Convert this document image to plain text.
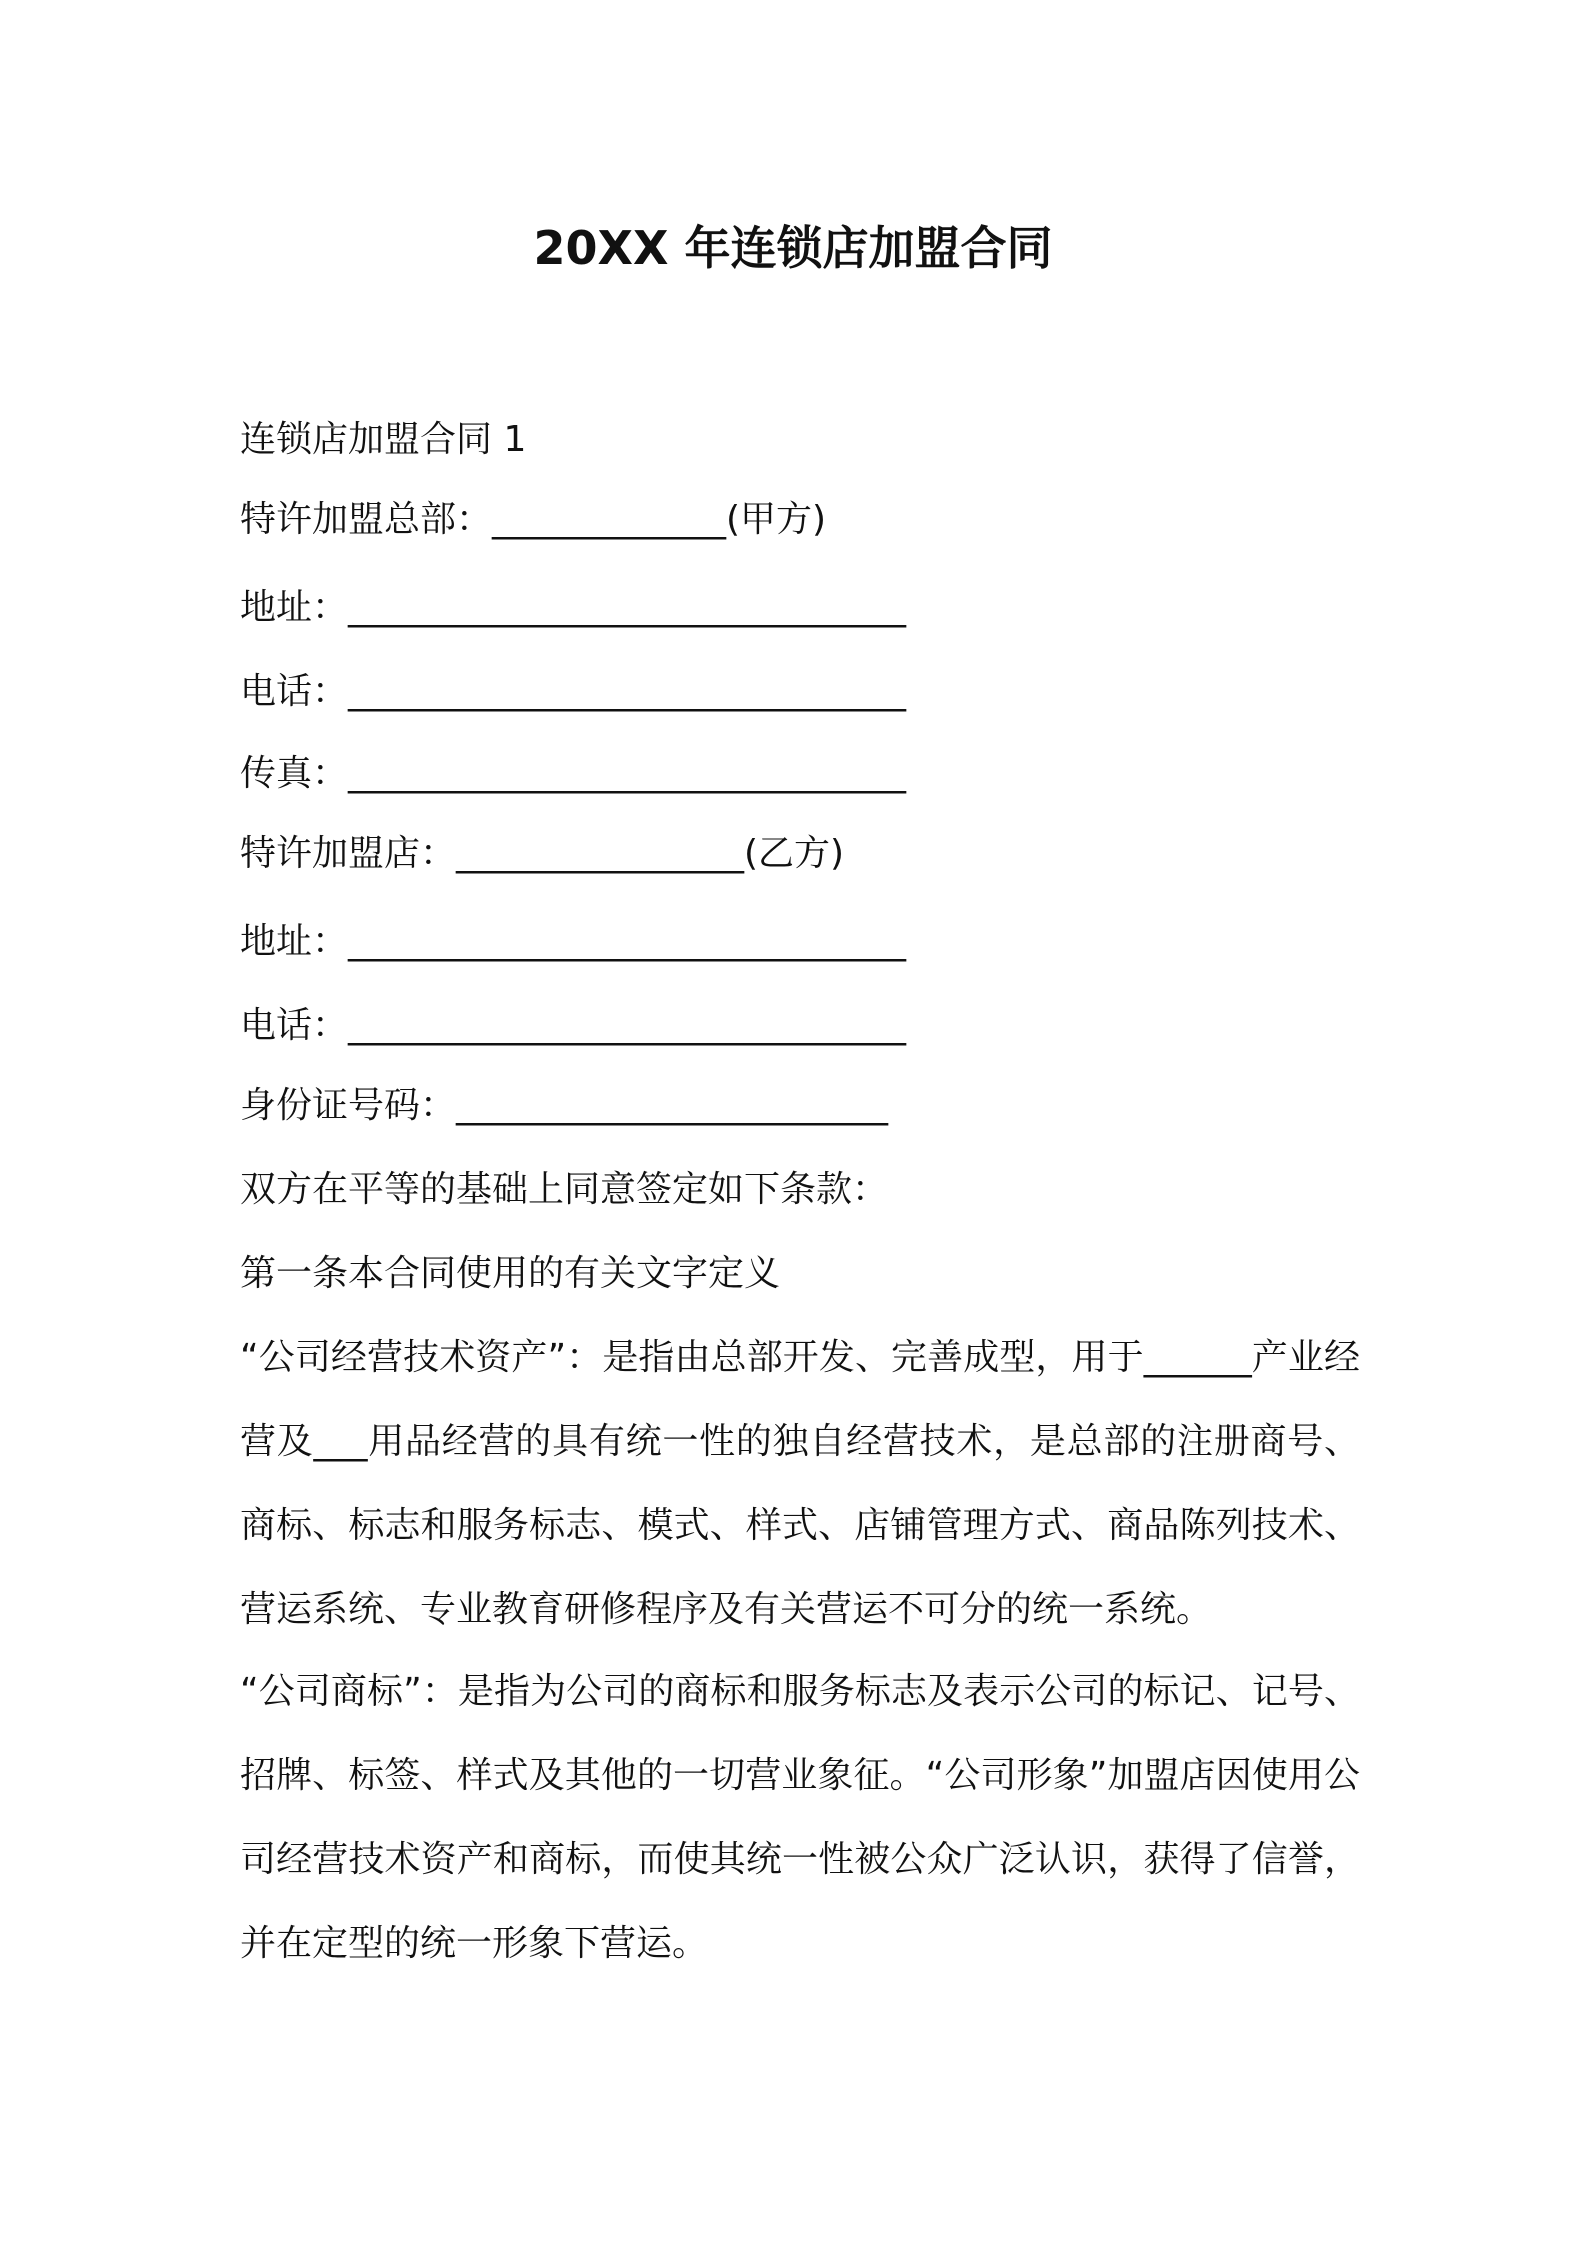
20XX 年连锁店加盟合同
连锁店加盟合同 1
特许加盟总部：_____________(甲方)
地址：_______________________________
电话：_______________________________
传真：_______________________________
特许加盟店：________________(乙方)
地址：_______________________________
电话：_______________________________
身份证号码：________________________
双方在平等的基础上同意签定如下条款：
第一条本合同使用的有关文字定义
“公司经营技术资产”：是指由总部开发、完善成型，用于______产业经营及___用品经营的具有统一性的独自经营技术，是总部的注册商号、商标、标志和服务标志、模式、样式、店铺管理方式、商品陈列技术、营运系统、专业教育研修程序及有关营运不可分的统一系统。
“公司商标”：是指为公司的商标和服务标志及表示公司的标记、记号、招牌、标签、样式及其他的一切营业象征。“公司形象”加盟店因使用公司经营技术资产和商标，而使其统一性被公众广泛认识，获得了信誉，并在定型的统一形象下营运。
